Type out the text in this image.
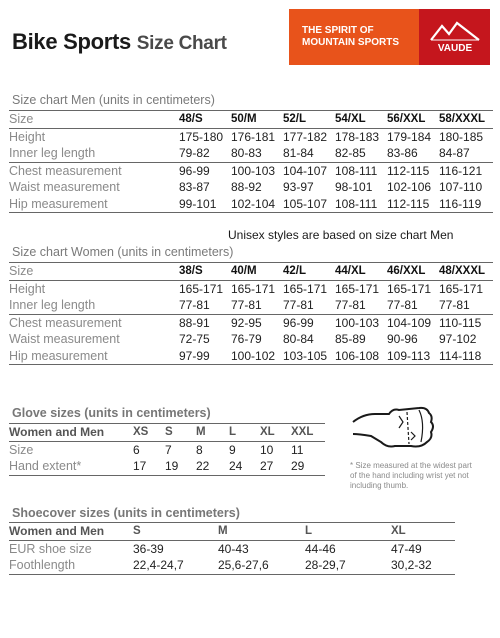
Bike Sports Size Chart
THE SPIRIT OF
MOUNTAIN SPORTS
VAUDE
Size chart Men (units in centimeters)
Size	48/S	50/M	52/L	54/XL	56/XXL	58/XXXL
Height	175-180	176-181	177-182	178-183	179-184	180-185
Inner leg length	79-82	80-83	81-84	82-85	83-86	84-87
Chest measurement	96-99	100-103	104-107	108-111	112-115	116-121
Waist measurement	83-87	88-92	93-97	98-101	102-106	107-110
Hip measurement	99-101	102-104	105-107	108-111	112-115	116-119
Unisex styles are based on size chart Men
Size chart Women (units in centimeters)
Size	38/S	40/M	42/L	44/XL	46/XXL	48/XXXL
Height	165-171	165-171	165-171	165-171	165-171	165-171
Inner leg length	77-81	77-81	77-81	77-81	77-81	77-81
Chest measurement	88-91	92-95	96-99	100-103	104-109	110-115
Waist measurement	72-75	76-79	80-84	85-89	90-96	97-102
Hip measurement	97-99	100-102	103-105	106-108	109-113	114-118
Glove sizes (units in centimeters)
Women and Men	XS	S	M	L	XL	XXL
Size	6	7	8	9	10	11
Hand extent*	17	19	22	24	27	29	* Size measured at the widest part of the hand including wrist yet not including thumb.
Shoecover sizes (units in centimeters)
Women and Men	S	M	L	XL
EUR shoe size	36-39	40-43	44-46	47-49
Foothlength	22,4-24,7	25,6-27,6	28-29,7	30,2-32
